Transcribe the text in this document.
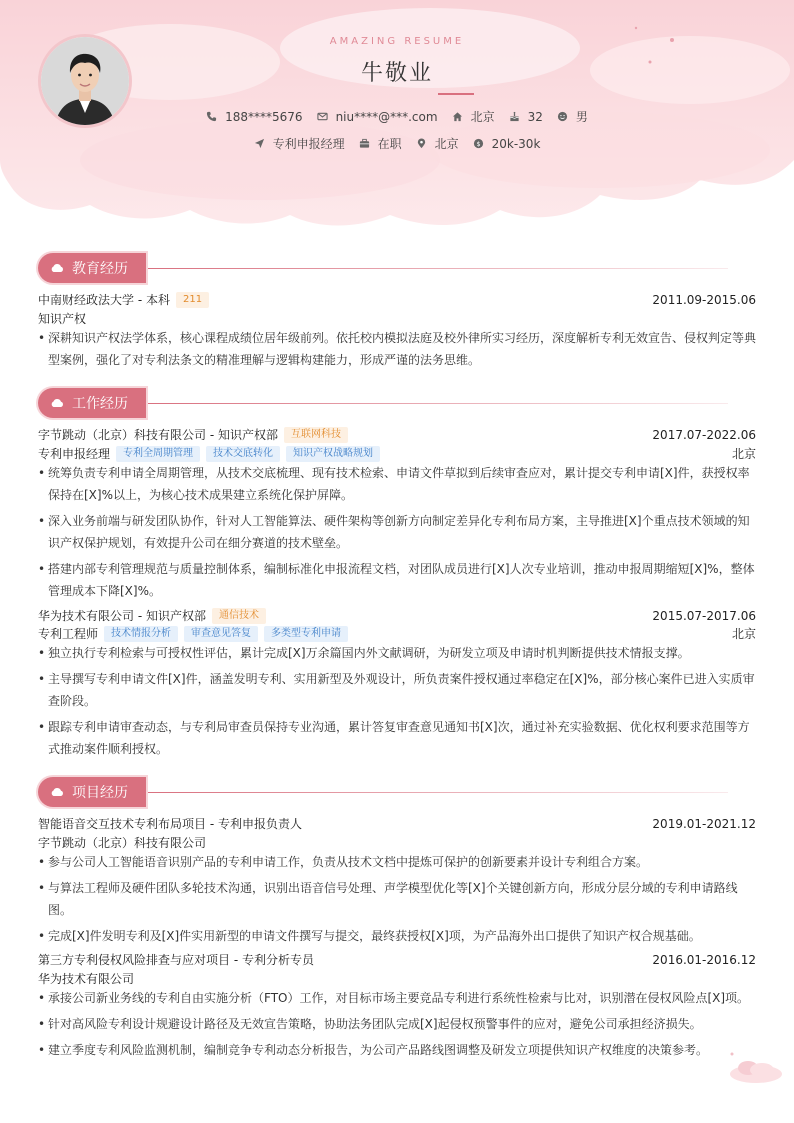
AMAZING RESUME
牛敬业
188****5676	niu****@***.com	北京	32	男
专利申报经理	在职	北京 $ 20k-30k
教育经历
中南财经政法大学 - 本科	211	2011.09-2015.06
知识产权
• 深耕知识产权法学体系，核心课程成绩位居年级前列。依托校内模拟法庭及校外律所实习经历，深度解析专利无效宣告、侵权判定等典型案例，强化了对专利法条文的精准理解与逻辑构建能力，形成严谨的法务思维。
工作经历
字节跳动（北京）科技有限公司 - 知识产权部	互联网科技	2017.07-2022.06
专利申报经理	专利全周期管理	技术交底转化	知识产权战略规划	北京
• 统筹负责专利申请全周期管理，从技术交底梳理、现有技术检索、申请文件草拟到后续审查应对，累计提交专利申请[X]件，获授权率保持在[X]%以上，为核心技术成果建立系统化保护屏障。
• 深入业务前端与研发团队协作，针对人工智能算法、硬件架构等创新方向制定差异化专利布局方案，主导推进[X]个重点技术领域的知识产权保护规划，有效提升公司在细分赛道的技术壁垒。
• 搭建内部专利管理规范与质量控制体系，编制标准化申报流程文档，对团队成员进行[X]人次专业培训，推动申报周期缩短[X]%，整体管理成本下降[X]%。
华为技术有限公司 - 知识产权部	通信技术	2015.07-2017.06
专利工程师	技术情报分析	审查意见答复	多类型专利申请	北京
• 独立执行专利检索与可授权性评估，累计完成[X]万余篇国内外文献调研，为研发立项及申请时机判断提供技术情报支撑。
• 主导撰写专利申请文件[X]件，涵盖发明专利、实用新型及外观设计，所负责案件授权通过率稳定在[X]%，部分核心案件已进入实质审查阶段。
• 跟踪专利申请审查动态，与专利局审查员保持专业沟通，累计答复审查意见通知书[X]次，通过补充实验数据、优化权利要求范围等方式推动案件顺利授权。
项目经历
智能语音交互技术专利布局项目 - 专利申报负责人	2019.01-2021.12
字节跳动（北京）科技有限公司
• 参与公司人工智能语音识别产品的专利申请工作，负责从技术文档中提炼可保护的创新要素并设计专利组合方案。
• 与算法工程师及硬件团队多轮技术沟通，识别出语音信号处理、声学模型优化等[X]个关键创新方向，形成分层分域的专利申请路线图。
• 完成[X]件发明专利及[X]件实用新型的申请文件撰写与提交，最终获授权[X]项，为产品海外出口提供了知识产权合规基础。
第三方专利侵权风险排查与应对项目 - 专利分析专员	2016.01-2016.12
华为技术有限公司
• 承接公司新业务线的专利自由实施分析（FTO）工作，对目标市场主要竞品专利进行系统性检索与比对，识别潜在侵权风险点[X]项。
• 针对高风险专利设计规避设计路径及无效宣告策略，协助法务团队完成[X]起侵权预警事件的应对，避免公司承担经济损失。
• 建立季度专利风险监测机制，编制竞争专利动态分析报告，为公司产品路线图调整及研发立项提供知识产权维度的决策参考。
